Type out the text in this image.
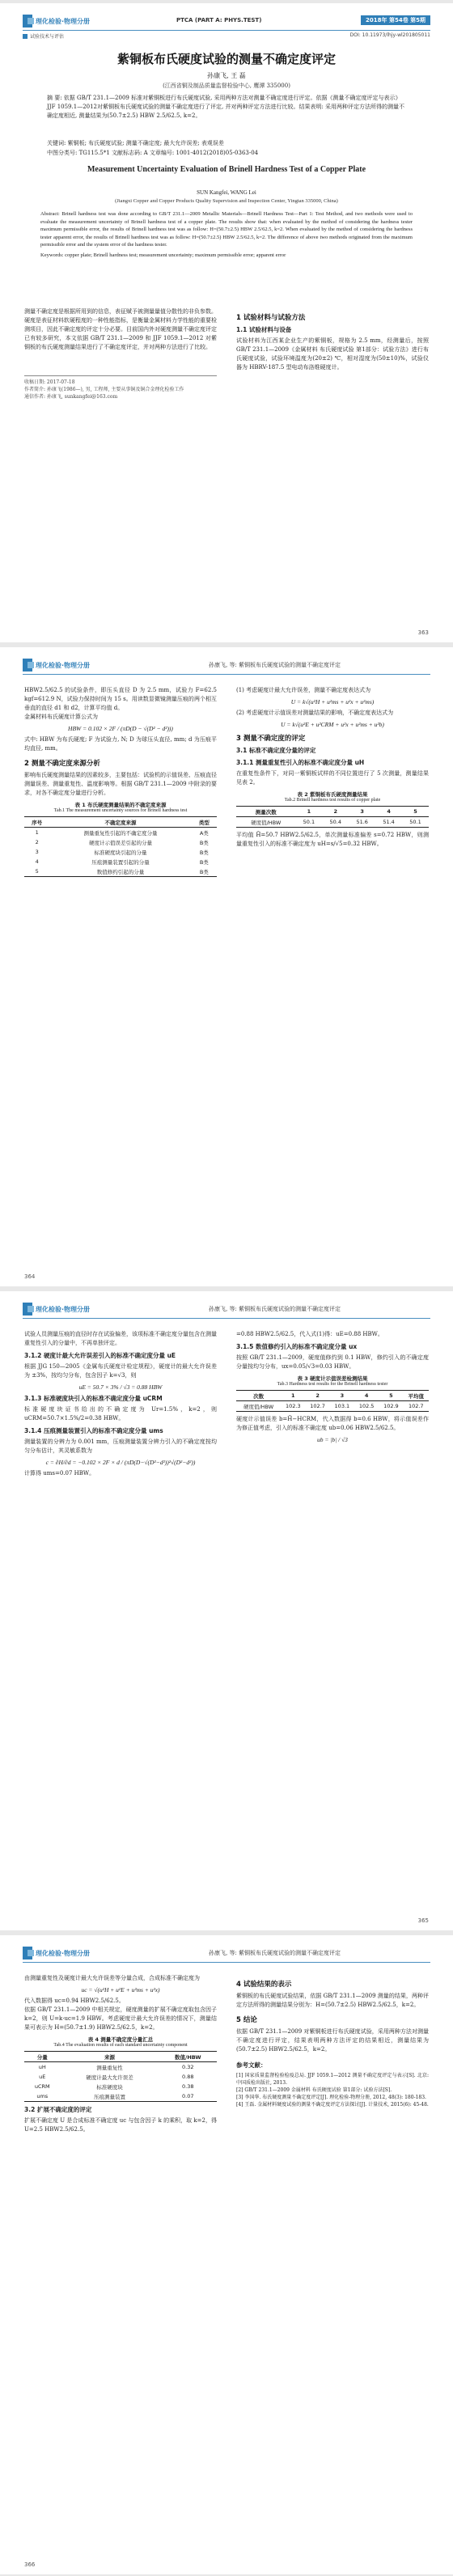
理化检验·物理分册	PTCA (PART A: PHYS.TEST)	2018年 第54卷 第5期
试验技术与评估	DOI: 10.11973/lhjy-wl201805011
紫铜板布氏硬度试验的测量不确定度评定
孙康飞, 王 磊
(江西省铜及制品质量监督检验中心, 鹰潭 335000)
摘 要: 依据 GB/T 231.1—2009 标准对紫铜板进行布氏硬度试验, 采用两种方法对测量不确定度进行评定。依据《测量不确定度评定与表示》JJF 1059.1—2012对紫铜板布氏硬度试验的测量不确定度进行了评定, 并对两种评定方法进行比较。结果表明: 采用两种评定方法所得的测量不确定度相近, 测量结果为(50.7±2.5) HBW 2.5/62.5, k=2。
关键词: 紫铜板; 布氏硬度试验; 测量不确定度; 最大允许误差; 表观误差
中图分类号: TG115.5*1 文献标志码: A 文章编号: 1001-4012(2018)05-0363-04
Measurement Uncertainty Evaluation of Brinell Hardness Test of a Copper Plate
SUN Kangfei, WANG Lei
(Jiangxi Copper and Copper Products Quality Supervision and Inspection Center, Yingtan 335000, China)
Abstract: Brinell hardness test was done according to GB/T 231.1—2009 Metallic Materials—Brinell Hardness Test—Part 1: Test Method, and two methods were used to evaluate the measurement uncertainty of Brinell hardness test of a copper plate. The results show that: when evaluated by the method of considering the hardness tester maximum permissible error, the results of Brinell hardness test was as follow: H=(50.7±2.5) HBW 2.5/62.5, k=2. When evaluated by the method of considering the hardness tester apparent error, the results of Brinell hardness test was as follow: H=(50.7±2.5) HBW 2.5/62.5, k=2. The difference of above two methods originated from the maximum permissible error and the system error of the hardness tester.
Keywords: copper plate; Brinell hardness test; measurement uncertainty; maximum permissible error; apparent error
测量不确定度是根据所用到的信息，表征赋予被测量量值分散性的非负参数。硬度是表征材料软硬程度的一种性能指标，是衡量金属材料力学性能的重要检测项目，因此不确定度的评定十分必要。目前国内外对硬度测量不确定度评定已有较多研究，本文依据 GB/T 231.1—2009 和 JJF 1059.1—2012 对紫铜板的布氏硬度测量结果进行了不确定度评定，并对两种方法进行了比较。
收稿日期: 2017-07-18
作者简介: 孙康飞(1986—), 男, 工程师, 主要从事铜及铜合金理化检验工作
通信作者: 孙康飞, sunkangfei@163.com
1 试验材料与试验方法
1.1 试验材料与设备
试验材料为江西某企业生产的紫铜板，规格为 2.5 mm，经测量后，按照 GB/T 231.1—2009《金属材料 布氏硬度试验 第1部分：试验方法》进行布氏硬度试验，试验环境温度为(20±2) ℃，相对湿度为(50±10)%，试验仪器为 HBRV-187.5 型电动布洛维硬度计。
363
理化检验·物理分册	孙康飞, 等: 紫铜板布氏硬度试验的测量不确定度评定
HBW2.5/62.5 的试验条件，即压头直径 D 为 2.5 mm，试验力 F=62.5 kgf=612.9 N，试验力保持时间为 15 s。用读数显微镜测量压痕的两个相互垂直的直径 d1 和 d2，计算平均值 d。
金属材料布氏硬度计算公式为
HBW = 0.102 × 2F / (πD(D − √(D² − d²)))
式中: HBW 为布氏硬度; F 为试验力, N; D 为球压头直径, mm; d 为压痕平均直径, mm。
2 测量不确定度来源分析
影响布氏硬度测量结果的因素较多，主要包括：试验机的示值误差、压痕直径测量误差、测量重复性、温度影响等。根据 GB/T 231.1—2009 中附录的要求，对各不确定度分量进行分析。
表 1 布氏硬度测量结果的不确定度来源
Tab.1 The measurement uncertainty sources for Brinell hardness test
序号	不确定度来源	类型
1	测量重复性引起的不确定度分量	A类
2	硬度计示值误差引起的分量	B类
3	标准硬度块引起的分量	B类
4	压痕测量装置引起的分量	B类
5	数值修约引起的分量	B类
(1) 考虑硬度计最大允许误差，测量不确定度表达式为
U = k√(u²H + u²ms + u²x + u²ms)
(2) 考虑硬度计示值误差对测量结果的影响，不确定度表达式为
U = k√(u²E + u²CRM + u²x + u²ms + u²b)
3 测量不确定度的评定
3.1 标准不确定度分量的评定
3.1.1 测量重复性引入的标准不确定度分量 uH
在重复性条件下，对同一紫铜板试样的不同位置进行了 5 次测量，测量结果见表 2。
表 2 紫铜板布氏硬度测量结果
Tab.2 Brinell hardness test results of copper plate
测量次数	1	2	3	4	5
硬度值/HBW	50.1	50.4	51.6	51.4	50.1
平均值 H̄=50.7 HBW2.5/62.5，单次测量标准偏差 s=0.72 HBW，则测量重复性引入的标准不确定度为 uH=s/√5=0.32 HBW。
364
理化检验·物理分册	孙康飞, 等: 紫铜板布氏硬度试验的测量不确定度评定
试验人员测量压痕的直径时存在试验偏差，该项标准不确定度分量包含在测量重复性引入的分量中，不再单独评定。
3.1.2 硬度计最大允许误差引入的标准不确定度分量 uE
根据 JJG 150—2005《金属布氏硬度计检定规程》，硬度计的最大允许误差为 ±3%，按均匀分布，包含因子 k=√3，则
uE = 50.7 × 3% / √3 = 0.88 HBW
3.1.3 标准硬度块引入的标准不确定度分量 uCRM
标准硬度块证书给出的不确定度为 Ur=1.5%，k=2，则 uCRM=50.7×1.5%/2=0.38 HBW。
3.1.4 压痕测量装置引入的标准不确定度分量 ums
测量装置的分辨力为 0.001 mm，压痕测量装置分辨力引入的不确定度按均匀分布估计，其灵敏系数为
c = ∂H/∂d = −0.102 × 2F × d / (πD(D−√(D²−d²))²√(D²−d²))
计算得 ums=0.07 HBW。
=0.88 HBW2.5/62.5，代入式(1)得：uE=0.88 HBW。
3.1.5 数值修约引入的标准不确定度分量 ux
按照 GB/T 231.1—2009，硬度值修约到 0.1 HBW，修约引入的不确定度分量按均匀分布，ux=0.05/√3=0.03 HBW。
表 3 硬度计示值误差检测结果
Tab.3 Hardness test results for the Brinell hardness tester
次数	1	2	3	4	5	平均值
硬度值/HBW	102.3	102.7	103.1	102.5	102.9	102.7
硬度计示值误差 b=H̄−HCRM，代入数据得 b=0.6 HBW，将示值误差作为修正值考虑，引入的标准不确定度 ub=0.06 HBW2.5/62.5。
ub = |b| / √3
365
理化检验·物理分册	孙康飞, 等: 紫铜板布氏硬度试验的测量不确定度评定
由测量重复性及硬度计最大允许误差等分量合成，合成标准不确定度为
uc = √(u²H + u²E + u²ms + u²x)
代入数据得 uc=0.94 HBW2.5/62.5。
依据 GB/T 231.1—2009 中相关规定，硬度测量的扩展不确定度取包含因子 k=2，则 U=k·uc=1.9 HBW。考虑硬度计最大允许误差的情况下，测量结果可表示为 H=(50.7±1.9) HBW2.5/62.5，k=2。
表 4 测量不确定度分量汇总
Tab.4 The evaluation results of each standard uncertainty component
分量	来源	数值/HBW
uH	测量重复性	0.32
uE	硬度计最大允许误差	0.88
uCRM	标准硬度块	0.38
ums	压痕测量装置	0.07
3.2 扩展不确定度的评定
扩展不确定度 U 是合成标准不确定度 uc 与包含因子 k 的乘积，取 k=2，得 U=2.5 HBW2.5/62.5。
4 试验结果的表示
紫铜板的布氏硬度试验结果，依据 GB/T 231.1—2009 测量的结果，两种评定方法所得的测量结果分别为：H=(50.7±2.5) HBW2.5/62.5，k=2。
5 结论
依据 GB/T 231.1—2009 对紫铜板进行布氏硬度试验，采用两种方法对测量不确定度进行评定，结果表明两种方法评定的结果相近，测量结果为(50.7±2.5) HBW2.5/62.5，k=2。
参考文献：
[1] 国家质量监督检验检疫总局. JJF 1059.1—2012 测量不确定度评定与表示[S]. 北京: 中国质检出版社, 2013.
[2] GB/T 231.1—2009 金属材料 布氏硬度试验 第1部分: 试验方法[S].
[3] 李国华. 布氏硬度测量不确定度评定[J]. 理化检验-物理分册, 2012, 48(3): 180-183.
[4] 王磊. 金属材料硬度试验的测量不确定度评定方法探讨[J]. 计量技术, 2015(6): 45-48.
366
